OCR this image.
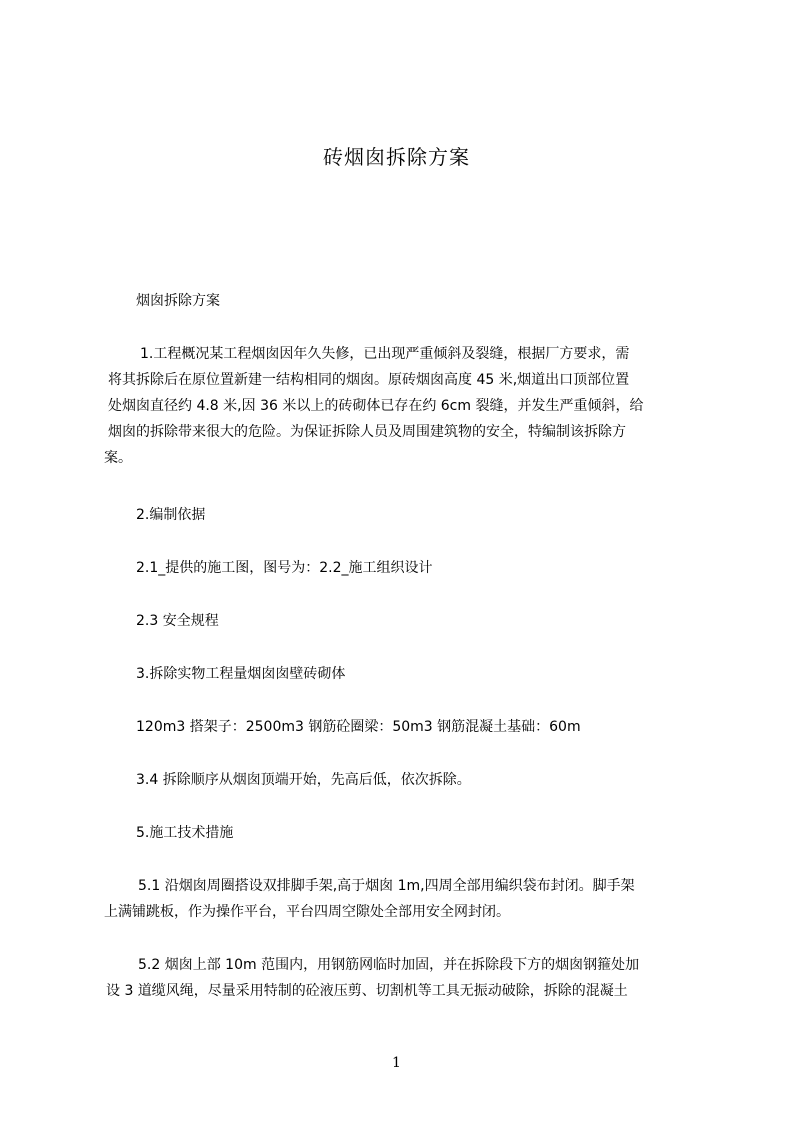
砖烟囱拆除方案
烟囱拆除方案
1.工程概况某工程烟囱因年久失修，已出现严重倾斜及裂缝，根据厂方要求，需
将其拆除后在原位置新建一结构相同的烟囱。原砖烟囱高度 45 米,烟道出口顶部位置
处烟囱直径约 4.8 米,因 36 米以上的砖砌体已存在约 6cm 裂缝，并发生严重倾斜，给
烟囱的拆除带来很大的危险。为保证拆除人员及周围建筑物的安全，特编制该拆除方
案。
2.编制依据
2.1_提供的施工图，图号为：2.2_施工组织设计
2.3 安全规程
3.拆除实物工程量烟囱囱壁砖砌体
120m3 搭架子：2500m3 钢筋砼圈梁：50m3 钢筋混凝土基础：60m
3.4 拆除顺序从烟囱顶端开始，先高后低，依次拆除。
5.施工技术措施
5.1 沿烟囱周圈搭设双排脚手架,高于烟囱 1m,四周全部用编织袋布封闭。脚手架
上满铺跳板，作为操作平台，平台四周空隙处全部用安全网封闭。
5.2 烟囱上部 10m 范围内，用钢筋网临时加固，并在拆除段下方的烟囱钢箍处加
设 3 道缆风绳，尽量采用特制的砼液压剪、切割机等工具无振动破除，拆除的混凝土
1
